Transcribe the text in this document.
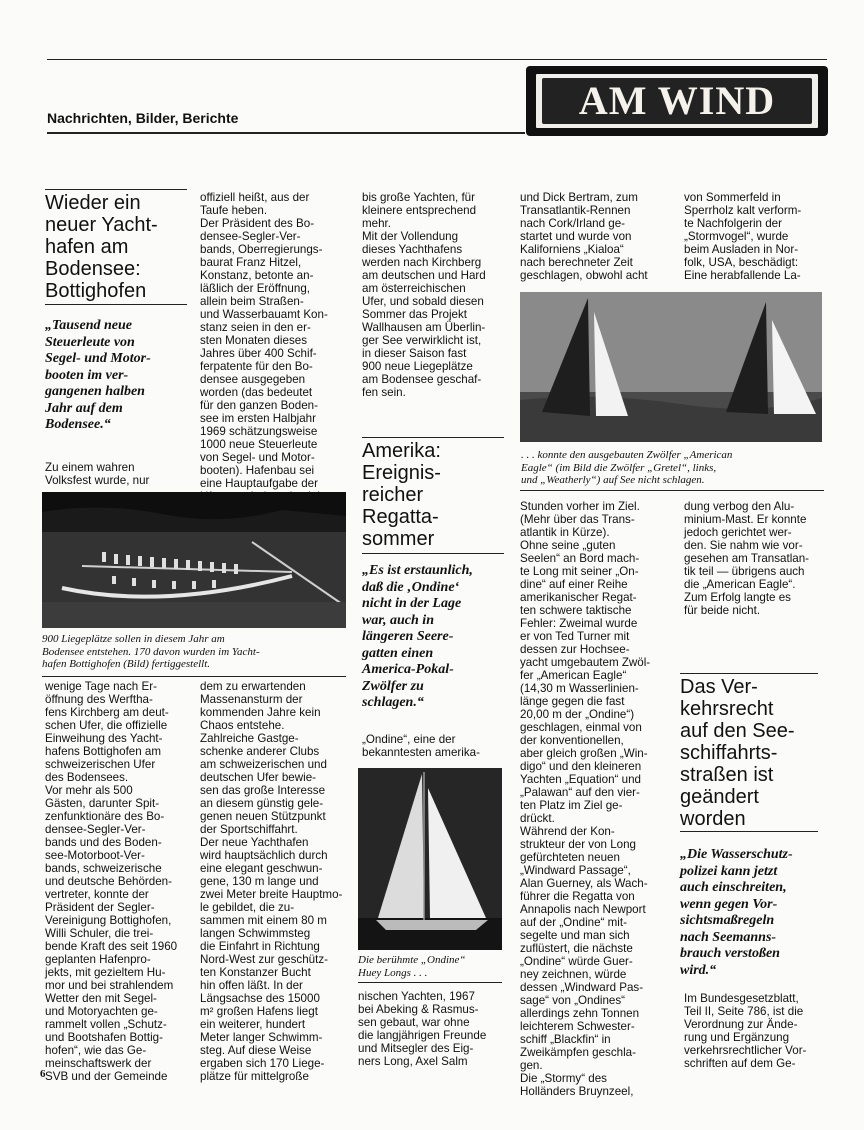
Nachrichten, Bilder, Berichte	AM WIND
Wieder ein
neuer Yacht-
hafen am
Bodensee:
Bottighofen
„Tausend neue
Steuerleute von
Segel- und Motor-
booten im ver-
gangenen halben
Jahr auf dem
Bodensee.“
Zu einem wahren
Volksfest wurde, nur
offiziell heißt, aus der
Taufe heben.
Der Präsident des Bo-
densee-Segler-Ver-
bands, Oberregierungs-
baurat Franz Hitzel,
Konstanz, betonte an-
läßlich der Eröffnung,
allein beim Straßen-
und Wasserbauamt Kon-
stanz seien in den er-
sten Monaten dieses
Jahres über 400 Schif-
ferpatente für den Bo-
densee ausgegeben
worden (das bedeutet
für den ganzen Boden-
see im ersten Halbjahr
1969 schätzungsweise
1000 neue Steuerleute
von Segel- und Motor-
booten). Hafenbau sei
eine Hauptaufgabe der

bis große Yachten, für
kleinere entsprechend
mehr.
Mit der Vollendung
dieses Yachthafens
werden nach Kirchberg
am deutschen und Hard
am österreichischen
Ufer, und sobald diesen
Sommer das Projekt
Wallhausen am Überlin-
ger See verwirklicht ist,
in dieser Saison fast
900 neue Liegeplätze
am Bodensee geschaf-
fen sein.
900 Liegeplätze sollen in diesem Jahr am
Bodensee entstehen. 170 davon wurden im Yacht-
hafen Bottighofen (Bild) fertiggestellt.
wenige Tage nach Er-
öffnung des Werftha-
fens Kirchberg am deut-
schen Ufer, die offizielle
Einweihung des Yacht-
hafens Bottighofen am
schweizerischen Ufer
des Bodensees.
Vor mehr als 500
Gästen, darunter Spit-
zenfunktionäre des Bo-
densee-Segler-Ver-
bands und des Boden-
see-Motorboot-Ver-
bands, schweizerische
und deutsche Behörden-
vertreter, konnte der
Präsident der Segler-
Vereinigung Bottighofen,
Willi Schuler, die trei-
bende Kraft des seit 1960
geplanten Hafenpro-
jekts, mit gezieltem Hu-
mor und bei strahlendem
Wetter den mit Segel-
und Motoryachten ge-
rammelt vollen „Schutz-
und Bootshafen Bottig-
hofen“, wie das Ge-
meinschaftswerk der
SVB und der Gemeinde
dem zu erwartenden
Massenansturm der
kommenden Jahre kein
Chaos entstehe.
Zahlreiche Gastge-
schenke anderer Clubs
am schweizerischen und
deutschen Ufer bewie-
sen das große Interesse
an diesem günstig gele-
genen neuen Stützpunkt
der Sportschiffahrt.
Der neue Yachthafen
wird hauptsächlich durch
eine elegant geschwun-
gene, 130 m lange und
zwei Meter breite Hauptmo-
le gebildet, die zu-
sammen mit einem 80 m
langen Schwimmsteg
die Einfahrt in Richtung
Nord-West zur geschütz-
ten Konstanzer Bucht
hin offen läßt. In der
Längsachse des 15000
m² großen Hafens liegt
ein weiterer, hundert
Meter langer Schwimm-
steg. Auf diese Weise
ergaben sich 170 Liege-
plätze für mittelgroße
Amerika:
Ereignis-
reicher
Regatta-
sommer
„Es ist erstaunlich,
daß die ‚Ondine‘
nicht in der Lage
war, auch in
längeren Seere-
gatten einen
America-Pokal-
Zwölfer zu
schlagen.“
„Ondine“, eine der
bekanntesten amerika-
Die berühmte „Ondine“
Huey Longs . . .
nischen Yachten, 1967
bei Abeking & Rasmus-
sen gebaut, war ohne
die langjährigen Freunde
und Mitsegler des Eig-
ners Long, Axel Salm
und Dick Bertram, zum
Transatlantik-Rennen
nach Cork/Irland ge-
startet und wurde von
Kaliforniens „Kialoa“
nach berechneter Zeit
geschlagen, obwohl acht
von Sommerfeld in
Sperrholz kalt verform-
te Nachfolgerin der
„Stormvogel“, wurde
beim Ausladen in Nor-
folk, USA, beschädigt:
Eine herabfallende La-
. . . konnte den ausgebauten Zwölfer „American
Eagle“ (im Bild die Zwölfer „Gretel“, links,
und „Weatherly“) auf See nicht schlagen.
Stunden vorher im Ziel.
(Mehr über das Trans-
atlantik in Kürze).
Ohne seine „guten
Seelen“ an Bord mach-
te Long mit seiner „On-
dine“ auf einer Reihe
amerikanischer Regat-
ten schwere taktische
Fehler: Zweimal wurde
er von Ted Turner mit
dessen zur Hochsee-
yacht umgebautem Zwöl-
fer „American Eagle“
(14,30 m Wasserlinien-
länge gegen die fast
20,00 m der „Ondine“)
geschlagen, einmal von
der konventionellen,
aber gleich großen „Win-
digo“ und den kleineren
Yachten „Equation“ und
„Palawan“ auf den vier-
ten Platz im Ziel ge-
drückt.
Während der Kon-
strukteur der von Long
gefürchteten neuen
„Windward Passage“,
Alan Guerney, als Wach-
führer die Regatta von
Annapolis nach Newport
auf der „Ondine“ mit-
segelte und man sich
zuflüstert, die nächste
„Ondine“ würde Guer-
ney zeichnen, würde
dessen „Windward Pas-
sage“ von „Ondines“
allerdings zehn Tonnen
leichterem Schwester-
schiff „Blackfin“ in
Zweikämpfen geschla-
gen.
Die „Stormy“ des
Holländers Bruynzeel,
dung verbog den Alu-
minium-Mast. Er konnte
jedoch gerichtet wer-
den. Sie nahm wie vor-
gesehen am Transatlan-
tik teil — übrigens auch
die „American Eagle“.
Zum Erfolg langte es
für beide nicht.
Das Ver-
kehrsrecht
auf den See-
schiffahrts-
straßen ist
geändert
worden
„Die Wasserschutz-
polizei kann jetzt
auch einschreiten,
wenn gegen Vor-
sichtsmaßregeln
nach Seemanns-
brauch verstoßen
wird.“
Im Bundesgesetzblatt,
Teil II, Seite 786, ist die
Verordnung zur Ände-
rung und Ergänzung
verkehrsrechtlicher Vor-
schriften auf dem Ge-
6
